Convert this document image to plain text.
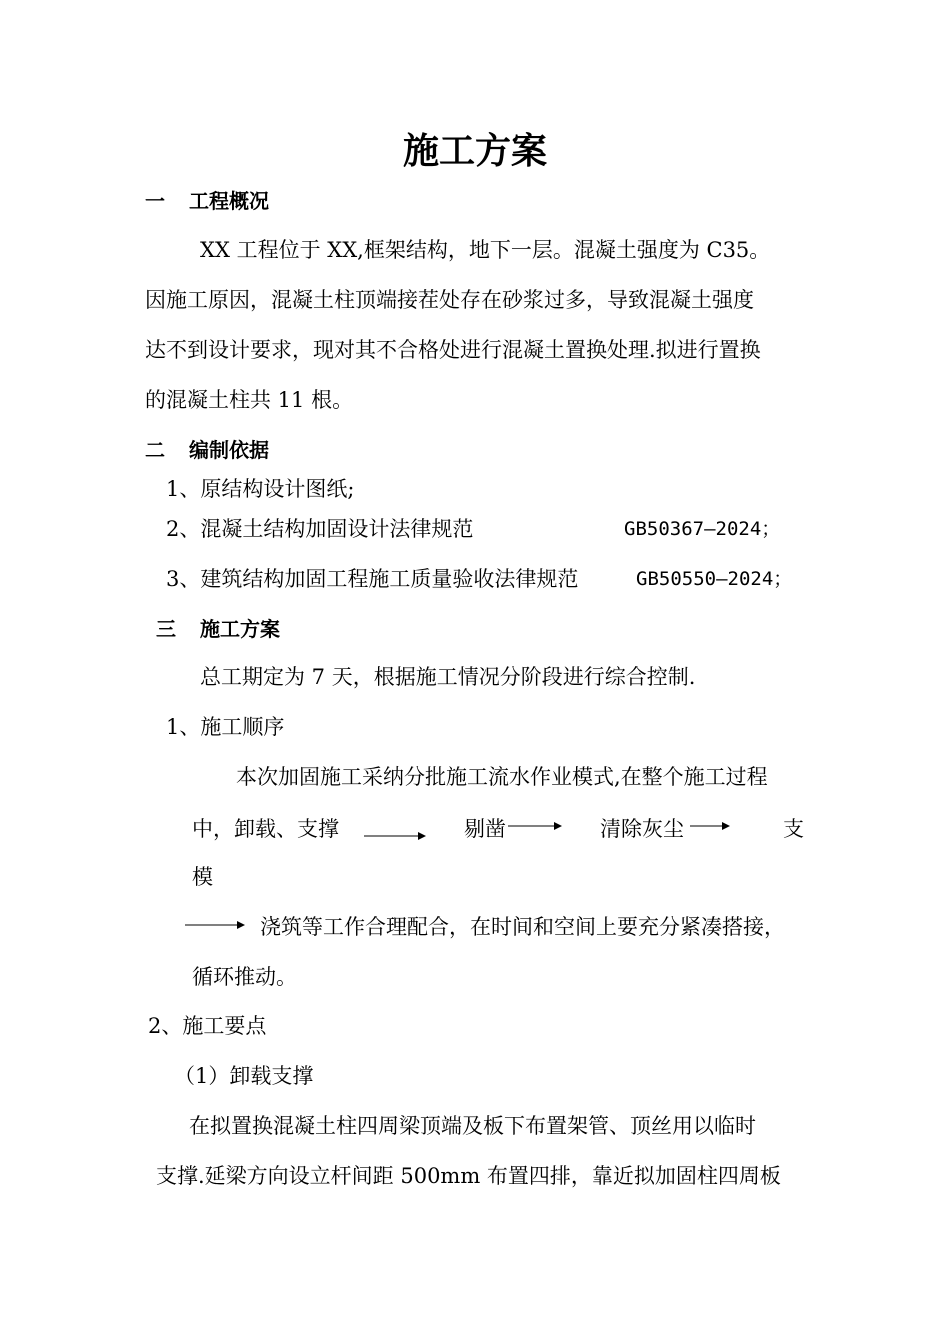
施工方案
一 工程概况
XX 工程位于 XX,框架结构，地下一层。混凝土强度为 C35。
因施工原因，混凝土柱顶端接茬处存在砂浆过多，导致混凝土强度
达不到设计要求，现对其不合格处进行混凝土置换处理.拟进行置换
的混凝土柱共 11 根。
二 编制依据
1、原结构设计图纸;
2、混凝土结构加固设计法律规范	GB50367—2024；
3、建筑结构加固工程施工质量验收法律规范	GB50550—2024；
三 施工方案
总工期定为 7 天，根据施工情况分阶段进行综合控制.
1、施工顺序
本次加固施工采纳分批施工流水作业模式,在整个施工过程
中，卸载、支撑	剔凿	清除灰尘	支
模
浇筑等工作合理配合，在时间和空间上要充分紧凑搭接，
循环推动。
2、施工要点
（1）卸载支撑
在拟置换混凝土柱四周梁顶端及板下布置架管、顶丝用以临时
支撑.延梁方向设立杆间距 500mm 布置四排，靠近拟加固柱四周板
